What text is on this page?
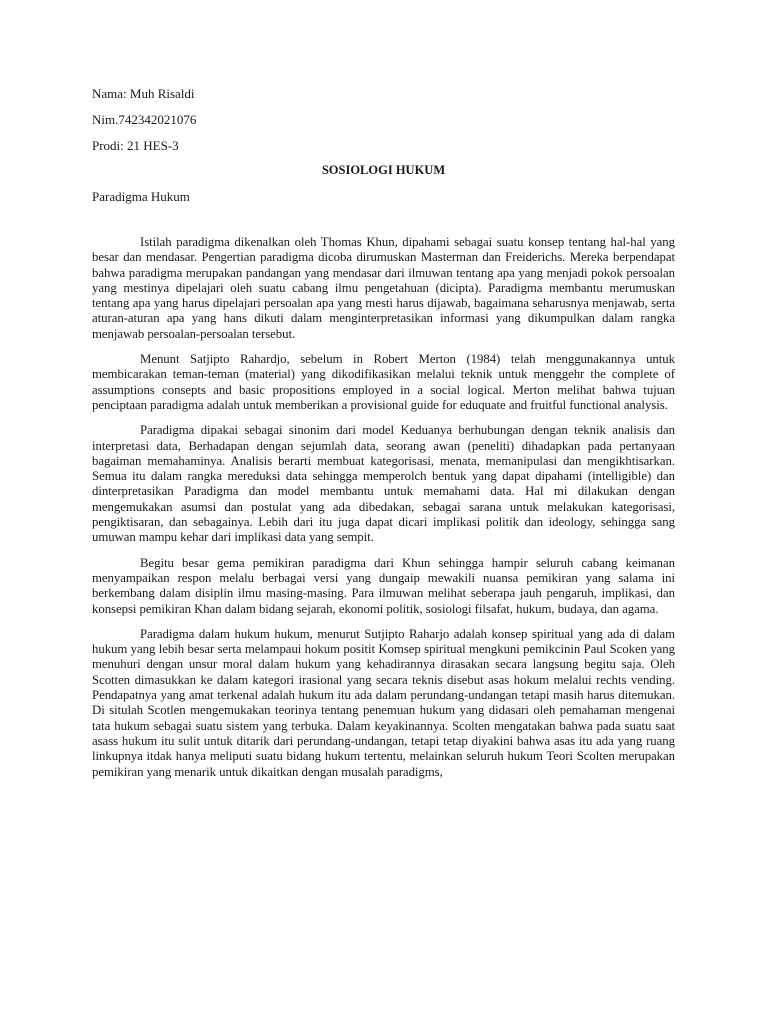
Nama: Muh Risaldi
Nim.742342021076
Prodi: 21 HES-3
SOSIOLOGI HUKUM
Paradigma Hukum

Istilah paradigma dikenalkan oleh Thomas Khun, dipahami sebagai suatu konsep tentang hal-hal yang besar dan mendasar. Pengertian paradigma dicoba dirumuskan Masterman dan Freiderichs. Mereka berpendapat bahwa paradigma merupakan pandangan yang mendasar dari ilmuwan tentang apa yang menjadi pokok persoalan yang mestinya dipelajari oleh suatu cabang ilmu pengetahuan (dicipta). Paradigma membantu merumuskan tentang apa yang harus dipelajari persoalan apa yang mesti harus dijawab, bagaimana seharusnya menjawab, serta aturan-aturan apa yang hans dikuti dalam menginterpretasikan informasi yang dikumpulkan dalam rangka menjawab persoalan-persoalan tersebut.

Menunt Satjipto Rahardjo, sebelum in Robert Merton (1984) telah menggunakannya untuk membicarakan teman-teman (material) yang dikodifikasikan melalui teknik untuk menggehr the complete of assumptions consepts and basic propositions employed in a social logical. Merton melihat bahwa tujuan penciptaan paradigma adalah untuk memberikan a provisional guide for eduquate and fruitful functional analysis.

Paradigma dipakai sebagai sinonim dari model Keduanya berhubungan dengan teknik analisis dan interpretasi data, Berhadapan dengan sejumlah data, seorang awan (peneliti) dihadapkan pada pertanyaan bagaiman memahaminya. Analisis berarti membuat kategorisasi, menata, memanipulasi dan mengikhtisarkan. Semua itu dalam rangka mereduksi data sehingga memperolch bentuk yang dapat dipahami (intelligible) dan dinterpretasikan Paradigma dan model membantu untuk memahami data. Hal mi dilakukan dengan mengemukakan asumsi dan postulat yang ada dibedakan, sebagai sarana untuk melakukan kategorisasi, pengiktisaran, dan sebagainya. Lebih dari itu juga dapat dicari implikasi politik dan ideology, sehingga sang umuwan mampu kehar dari implikasi data yang sempit.

Begitu besar gema pemikiran paradigma dari Khun sehingga hampir seluruh cabang keimanan menyampaikan respon melalu berbagai versi yang dungaip mewakili nuansa pemikiran yang salama ini berkembang dalam disiplin ilmu masing-masing. Para ilmuwan melihat seberapa jauh pengaruh, implikasi, dan konsepsi pemikiran Khan dalam bidang sejarah, ekonomi politik, sosiologi filsafat, hukum, budaya, dan agama.

Paradigma dalam hukum hukum, menurut Sutjipto Raharjo adalah konsep spiritual yang ada di dalam hukum yang lebih besar serta melampaui hokum positit Komsep spiritual mengkuni pemikcinin Paul Scoken yang menuhuri dengan unsur moral dalam hukum yang kehadirannya dirasakan secara langsung begitu saja. Oleh Scotten dimasukkan ke dalam kategori irasional yang secara teknis disebut asas hokum melalui rechts vending. Pendapatnya yang amat terkenal adalah hukum itu ada dalam perundang-undangan tetapi masih harus ditemukan. Di situlah Scotlen mengemukakan teorinya tentang penemuan hukum yang didasari oleh pemahaman mengenai tata hukum sebagai suatu sistem yang terbuka. Dalam keyakinannya. Scolten mengatakan bahwa pada suatu saat asass hukum itu sulit untuk ditarik dari perundang-undangan, tetapi tetap diyakini bahwa asas itu ada yang ruang linkupnya itdak hanya meliputi suatu bidang hukum tertentu, melainkan seluruh hukum Teori Scolten merupakan pemikiran yang menarik untuk dikaitkan dengan musalah paradigms,
